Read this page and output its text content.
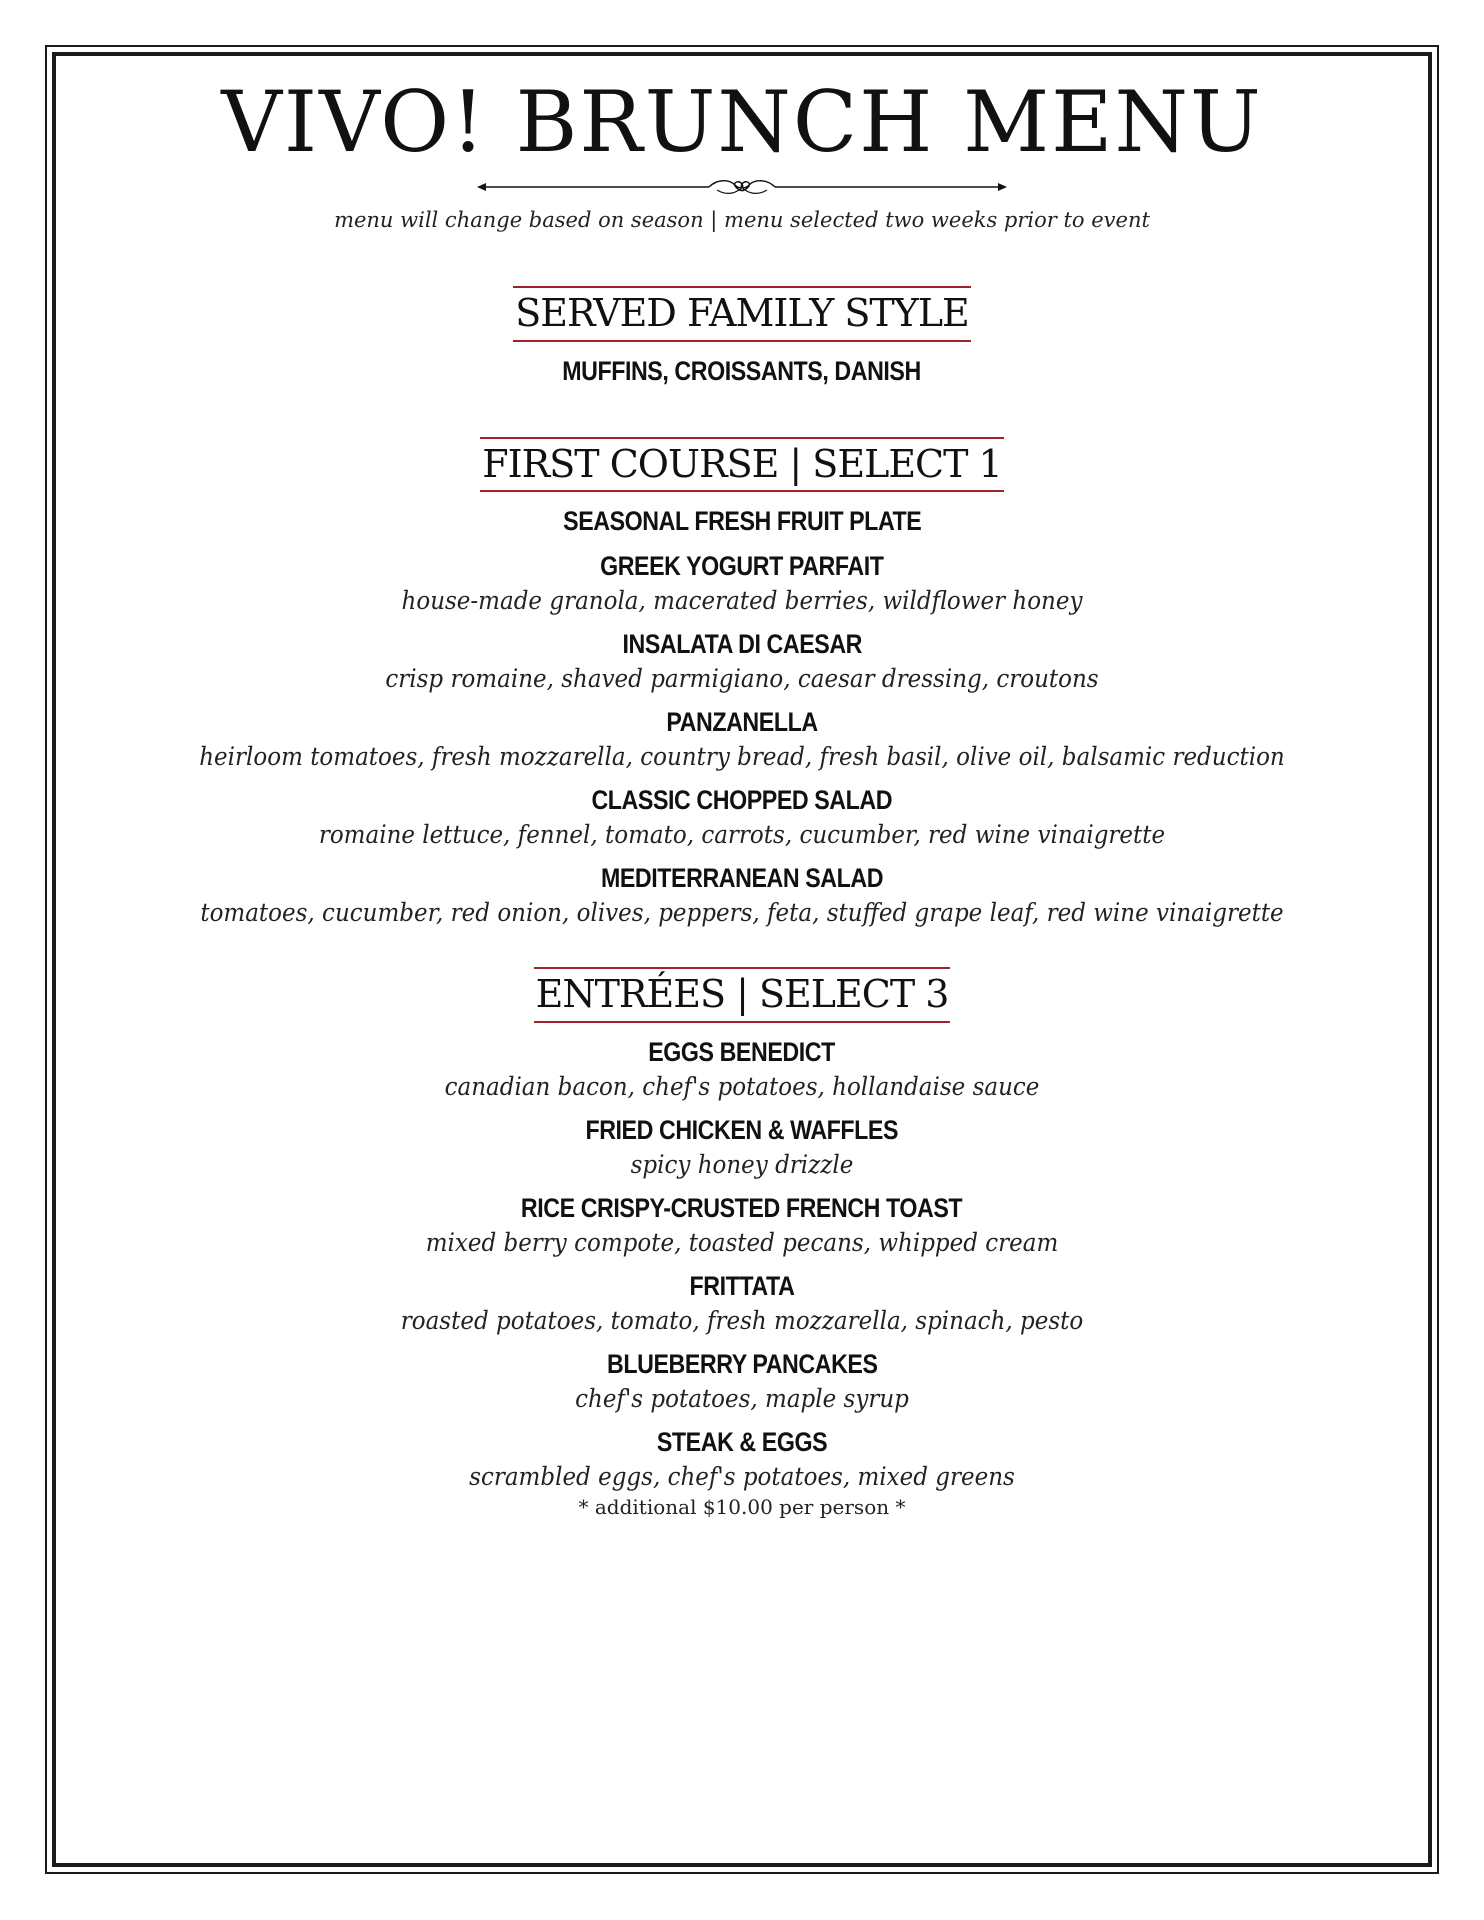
VIVO! BRUNCH MENU

menu will change based on season | menu selected two weeks prior to event

SERVED FAMILY STYLE
MUFFINS, CROISSANTS, DANISH
FIRST COURSE | SELECT 1
SEASONAL FRESH FRUIT PLATE
GREEK YOGURT PARFAIT
house-made granola, macerated berries, wildflower honey
INSALATA DI CAESAR
crisp romaine, shaved parmigiano, caesar dressing, croutons
PANZANELLA
heirloom tomatoes, fresh mozzarella, country bread, fresh basil, olive oil, balsamic reduction
CLASSIC CHOPPED SALAD
romaine lettuce, fennel, tomato, carrots, cucumber, red wine vinaigrette
MEDITERRANEAN SALAD
tomatoes, cucumber, red onion, olives, peppers, feta, stuffed grape leaf, red wine vinaigrette
ENTRÉES | SELECT 3
EGGS BENEDICT
canadian bacon, chef's potatoes, hollandaise sauce
FRIED CHICKEN & WAFFLES
spicy honey drizzle
RICE CRISPY-CRUSTED FRENCH TOAST
mixed berry compote, toasted pecans, whipped cream
FRITTATA
roasted potatoes, tomato, fresh mozzarella, spinach, pesto
BLUEBERRY PANCAKES
chef's potatoes, maple syrup
STEAK & EGGS
scrambled eggs, chef's potatoes, mixed greens
* additional $10.00 per person *
